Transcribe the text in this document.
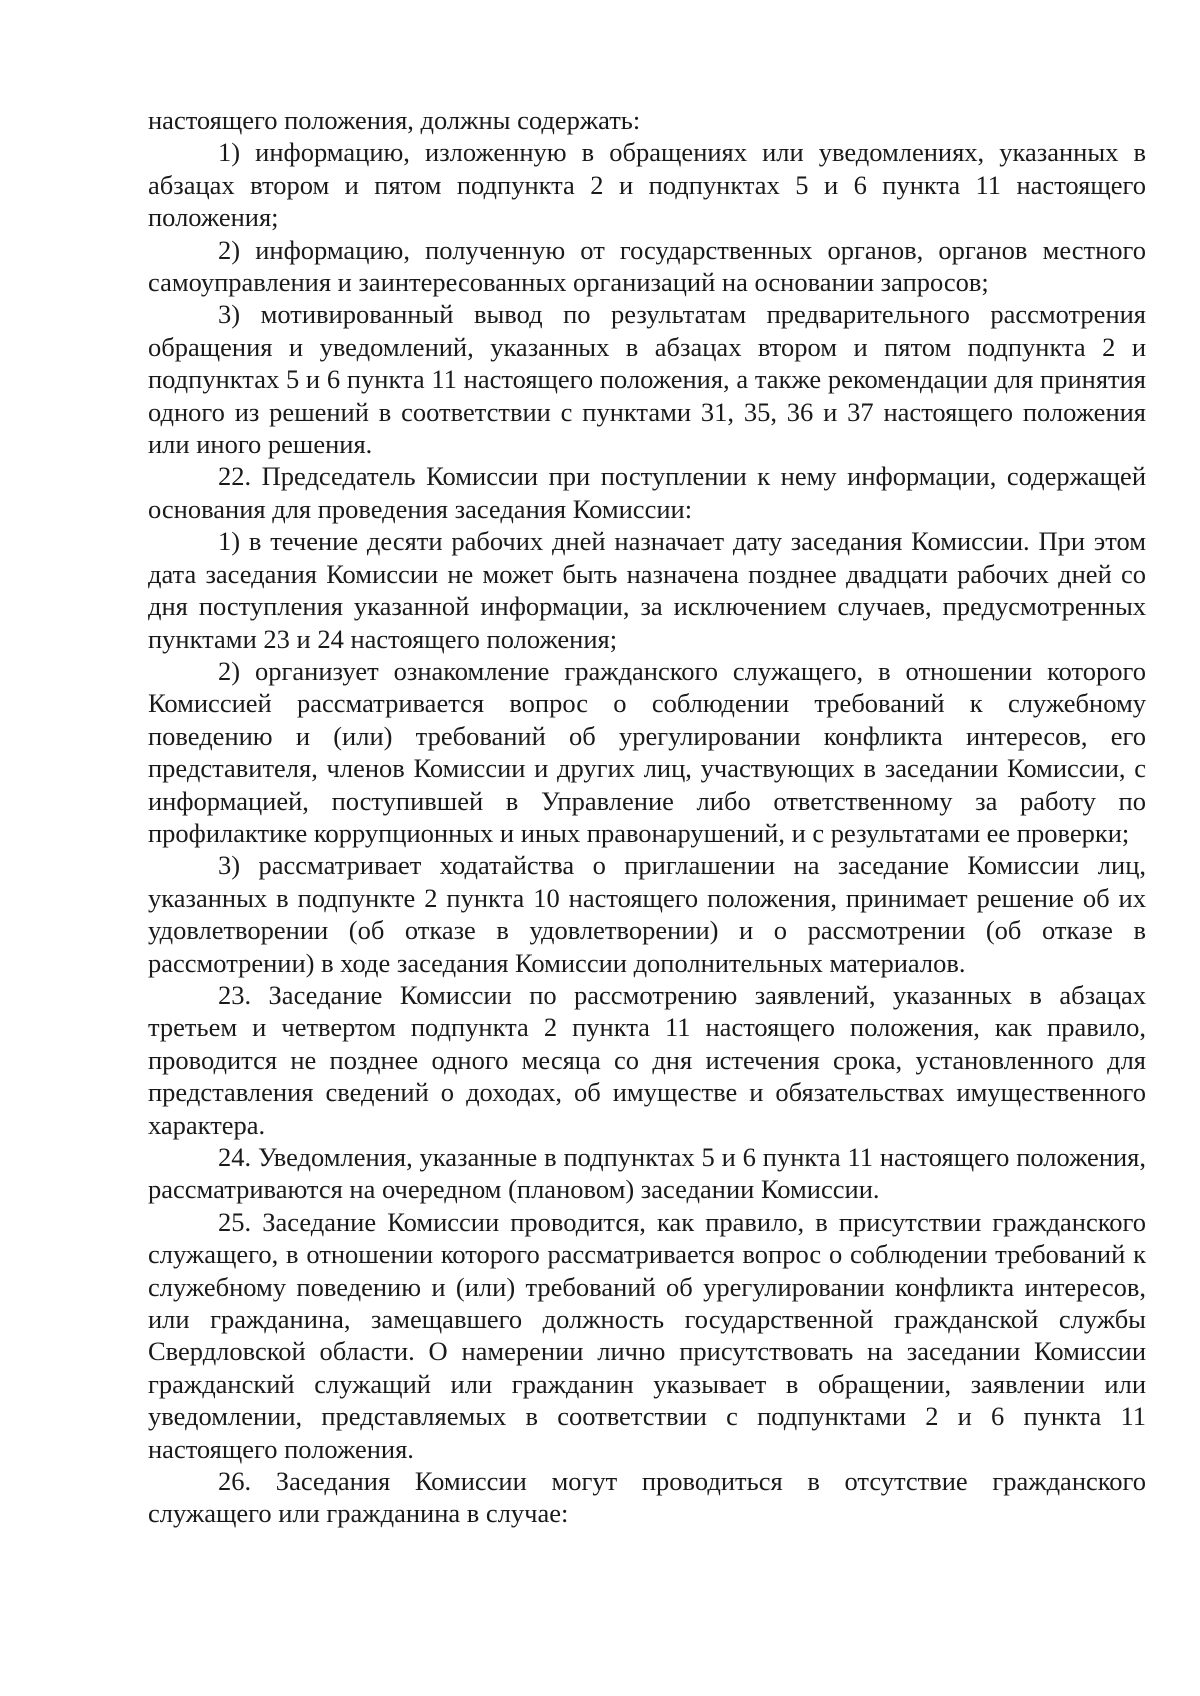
настоящего положения, должны содержать:

1) информацию, изложенную в обращениях или уведомлениях, указанных в абзацах втором и пятом подпункта 2 и подпунктах 5 и 6 пункта 11 настоящего положения;

2) информацию, полученную от государственных органов, органов местного самоуправления и заинтересованных организаций на основании запросов;

3) мотивированный вывод по результатам предварительного рассмотрения обращения и уведомлений, указанных в абзацах втором и пятом подпункта 2 и подпунктах 5 и 6 пункта 11 настоящего положения, а также рекомендации для принятия одного из решений в соответствии с пунктами 31, 35, 36 и 37 настоящего положения или иного решения.

22. Председатель Комиссии при поступлении к нему информации, содержащей основания для проведения заседания Комиссии:

1) в течение десяти рабочих дней назначает дату заседания Комиссии. При этом дата заседания Комиссии не может быть назначена позднее двадцати рабочих дней со дня поступления указанной информации, за исключением случаев, предусмотренных пунктами 23 и 24 настоящего положения;

2) организует ознакомление гражданского служащего, в отношении которого Комиссией рассматривается вопрос о соблюдении требований к служебному поведению и (или) требований об урегулировании конфликта интересов, его представителя, членов Комиссии и других лиц, участвующих в заседании Комиссии, с информацией, поступившей в Управление либо ответственному за работу по профилактике коррупционных и иных правонарушений, и с результатами ее проверки;

3) рассматривает ходатайства о приглашении на заседание Комиссии лиц, указанных в подпункте 2 пункта 10 настоящего положения, принимает решение об их удовлетворении (об отказе в удовлетворении) и о рассмотрении (об отказе в рассмотрении) в ходе заседания Комиссии дополнительных материалов.

23. Заседание Комиссии по рассмотрению заявлений, указанных в абзацах третьем и четвертом подпункта 2 пункта 11 настоящего положения, как правило, проводится не позднее одного месяца со дня истечения срока, установленного для представления сведений о доходах, об имуществе и обязательствах имущественного характера.

24. Уведомления, указанные в подпунктах 5 и 6 пункта 11 настоящего положения, рассматриваются на очередном (плановом) заседании Комиссии.

25. Заседание Комиссии проводится, как правило, в присутствии гражданского служащего, в отношении которого рассматривается вопрос о соблюдении требований к служебному поведению и (или) требований об урегулировании конфликта интересов, или гражданина, замещавшего должность государственной гражданской службы Свердловской области. О намерении лично присутствовать на заседании Комиссии гражданский служащий или гражданин указывает в обращении, заявлении или уведомлении, представляемых в соответствии с подпунктами 2 и 6 пункта 11 настоящего положения.

26. Заседания Комиссии могут проводиться в отсутствие гражданского служащего или гражданина в случае:
